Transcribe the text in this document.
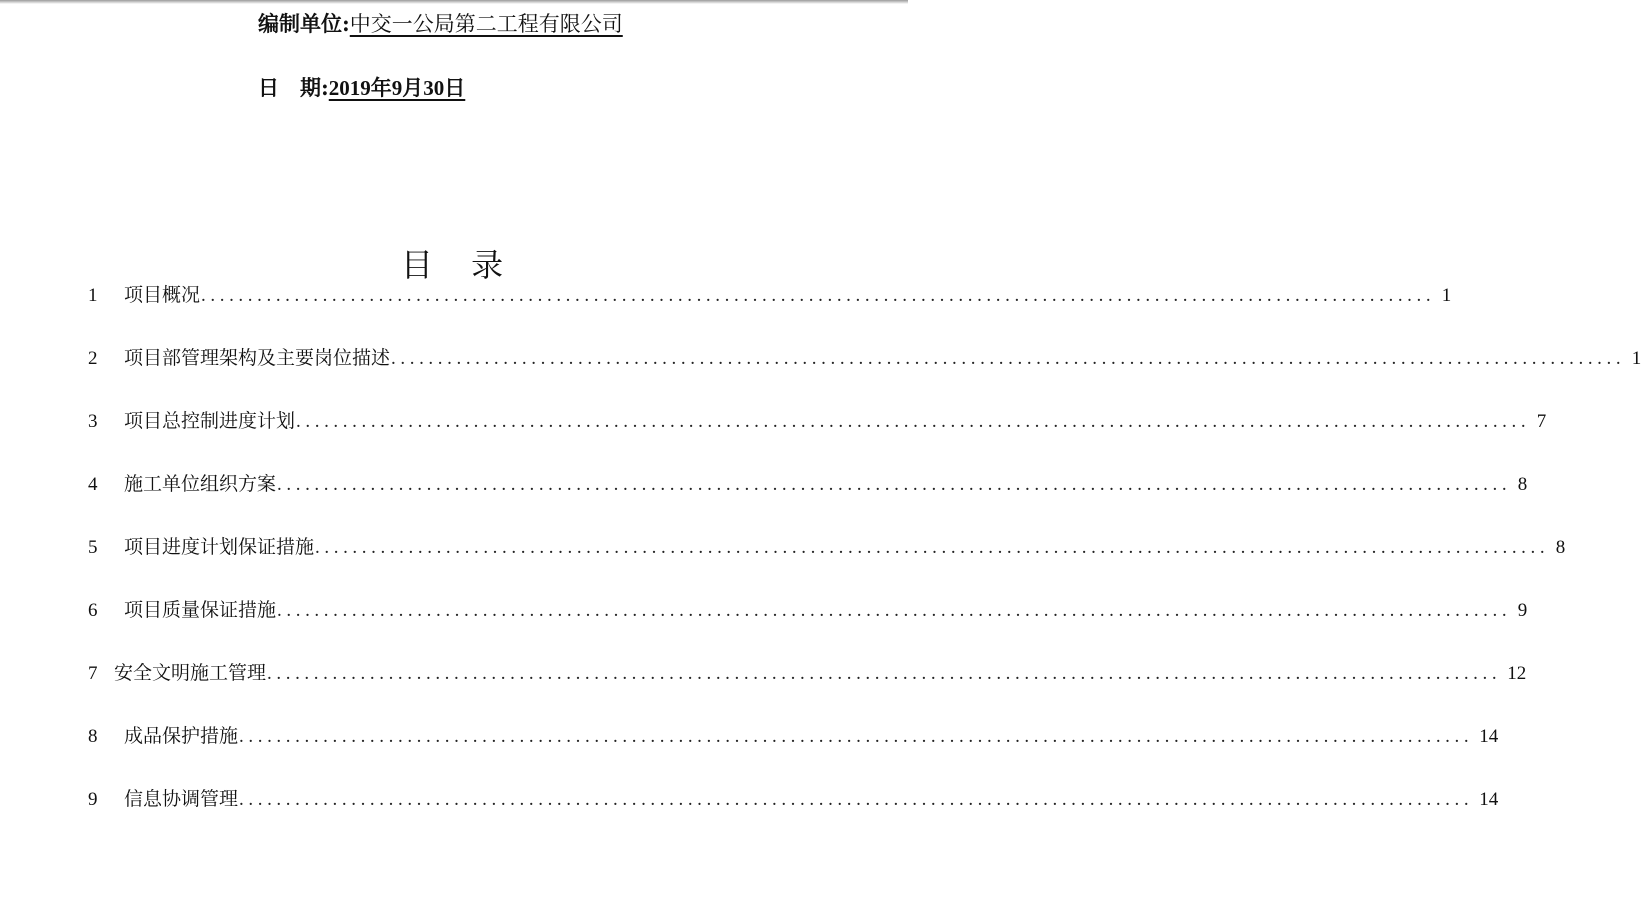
编制单位:中交一公局第二工程有限公司
日　期:2019年9月30日
目 录
1	项目概况 .................................................................................................................................... 1
2	项目部管理架构及主要岗位描述 .................................................................................................................................... 1
3	项目总控制进度计划 .................................................................................................................................... 7
4	施工单位组织方案 .................................................................................................................................... 8
5	项目进度计划保证措施 .................................................................................................................................... 8
6	项目质量保证措施 .................................................................................................................................... 9
7 安全文明施工管理 .................................................................................................................................... 12
8	成品保护措施 .................................................................................................................................... 14
9	信息协调管理 .................................................................................................................................... 14
